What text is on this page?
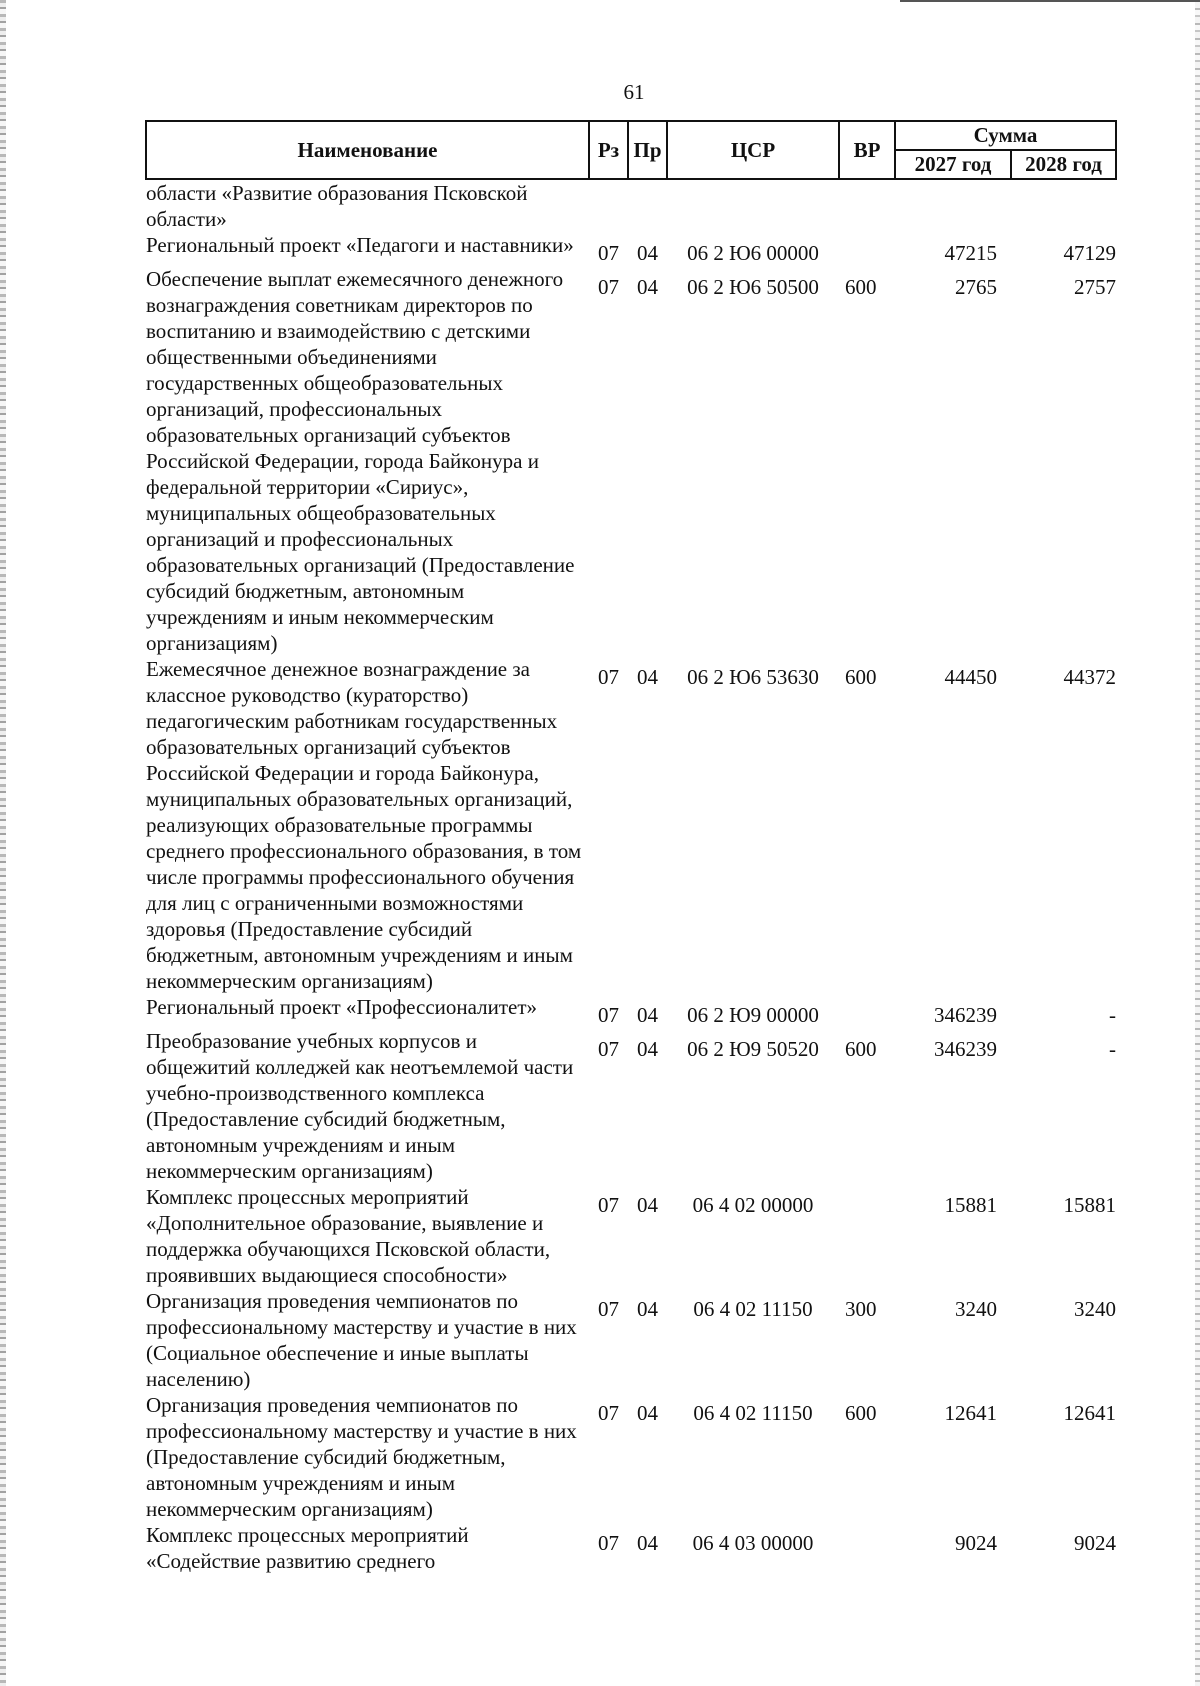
61
Наименование	Рз	Пр	ЦСР	ВР	Сумма	
					2027 год	2028 год
области «Развитие образования Псковской области»						
Региональный проект «Педагоги и наставники»	07	04	06 2 Ю6 00000		47215	47129
Обеспечение выплат ежемесячного денежного вознаграждения советникам директоров по воспитанию и взаимодействию с детскими общественными объединениями государственных общеобразовательных организаций, профессиональных образовательных организаций субъектов Российской Федерации, города Байконура и федеральной территории «Сириус», муниципальных общеобразовательных организаций и профессиональных образовательных организаций (Предоставление субсидий бюджетным, автономным учреждениям и иным некоммерческим организациям)	07	04	06 2 Ю6 50500	600	2765	2757
Ежемесячное денежное вознаграждение за классное руководство (кураторство) педагогическим работникам государственных образовательных организаций субъектов Российской Федерации и города Байконура, муниципальных образовательных организаций, реализующих образовательные программы среднего профессионального образования, в том числе программы профессионального обучения для лиц с ограниченными возможностями здоровья (Предоставление субсидий бюджетным, автономным учреждениям и иным некоммерческим организациям)	07	04	06 2 Ю6 53630	600	44450	44372
Региональный проект «Профессионалитет»	07	04	06 2 Ю9 00000		346239	-
Преобразование учебных корпусов и общежитий колледжей как неотъемлемой части учебно-производственного комплекса (Предоставление субсидий бюджетным, автономным учреждениям и иным некоммерческим организациям)	07	04	06 2 Ю9 50520	600	346239	-
Комплекс процессных мероприятий «Дополнительное образование, выявление и поддержка обучающихся Псковской области, проявивших выдающиеся способности»	07	04	06 4 02 00000		15881	15881
Организация проведения чемпионатов по профессиональному мастерству и участие в них (Социальное обеспечение и иные выплаты населению)	07	04	06 4 02 11150	300	3240	3240
Организация проведения чемпионатов по профессиональному мастерству и участие в них (Предоставление субсидий бюджетным, автономным учреждениям и иным некоммерческим организациям)	07	04	06 4 02 11150	600	12641	12641
Комплекс процессных мероприятий «Содействие развитию среднего	07	04	06 4 03 00000		9024	9024
